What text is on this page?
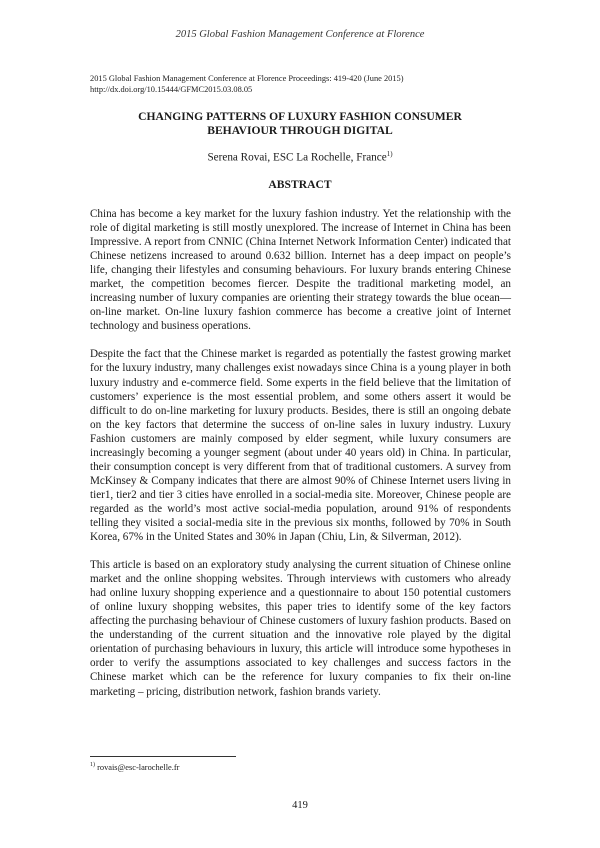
2015 Global Fashion Management Conference at Florence
2015 Global Fashion Management Conference at Florence Proceedings: 419-420 (June 2015)
http://dx.doi.org/10.15444/GFMC2015.03.08.05
CHANGING PATTERNS OF LUXURY FASHION CONSUMER
BEHAVIOUR THROUGH DIGITAL
Serena Rovai, ESC La Rochelle, France$^{1)}$
ABSTRACT

China has become a key market for the luxury fashion industry. Yet the relationship with the role of digital marketing is still mostly unexplored. The increase of Internet in China has been Impressive. A report from CNNIC (China Internet Network Information Center) indicated that Chinese netizens increased to around 0.632 billion. Internet has a deep impact on people’s life, changing their lifestyles and consuming behaviours. For luxury brands entering Chinese market, the competition becomes fiercer. Despite the traditional marketing model, an increasing number of luxury companies are orienting their strategy towards the blue ocean—on-line market. On-line luxury fashion commerce has become a creative joint of Internet technology and business operations.

Despite the fact that the Chinese market is regarded as potentially the fastest growing market for the luxury industry, many challenges exist nowadays since China is a young player in both luxury industry and e-commerce field. Some experts in the field believe that the limitation of customers’ experience is the most essential problem, and some others assert it would be difficult to do on-line marketing for luxury products. Besides, there is still an ongoing debate on the key factors that determine the success of on-line sales in luxury industry. Luxury Fashion customers are mainly composed by elder segment, while luxury consumers are increasingly becoming a younger segment (about under 40 years old) in China. In particular, their consumption concept is very different from that of traditional customers. A survey from McKinsey & Company indicates that there are almost 90% of Chinese Internet users living in tier1, tier2 and tier 3 cities have enrolled in a social-media site. Moreover, Chinese people are regarded as the world’s most active social-media population, around 91% of respondents telling they visited a social-media site in the previous six months, followed by 70% in South Korea, 67% in the United States and 30% in Japan (Chiu, Lin, & Silverman, 2012).

This article is based on an exploratory study analysing the current situation of Chinese online market and the online shopping websites. Through interviews with customers who already had online luxury shopping experience and a questionnaire to about 150 potential customers of online luxury shopping websites, this paper tries to identify some of the key factors affecting the purchasing behaviour of Chinese customers of luxury fashion products. Based on the understanding of the current situation and the innovative role played by the digital orientation of purchasing behaviours in luxury, this article will introduce some hypotheses in order to verify the assumptions associated to key challenges and success factors in the Chinese market which can be the reference for luxury companies to fix their on-line marketing – pricing, distribution network, fashion brands variety.

$^{1)}$ rovais@esc-larochelle.fr
419
